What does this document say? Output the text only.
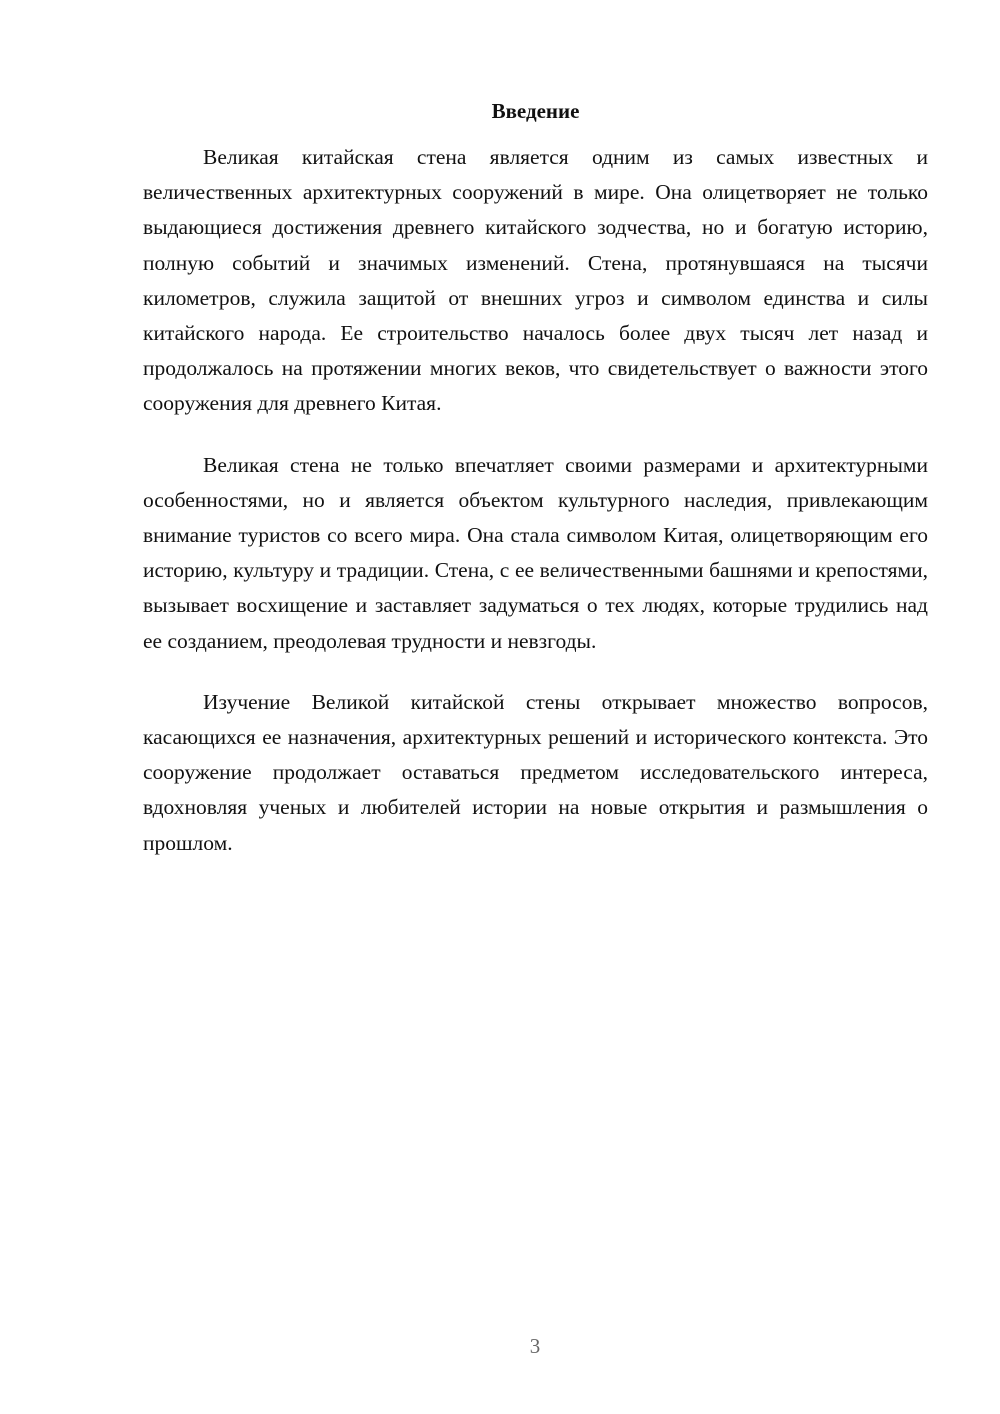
Введение

Великая китайская стена является одним из самых известных и величественных архитектурных сооружений в мире. Она олицетворяет не только выдающиеся достижения древнего китайского зодчества, но и богатую историю, полную событий и значимых изменений. Стена, протянувшаяся на тысячи километров, служила защитой от внешних угроз и символом единства и силы китайского народа. Ее строительство началось более двух тысяч лет назад и продолжалось на протяжении многих веков, что свидетельствует о важности этого сооружения для древнего Китая.

Великая стена не только впечатляет своими размерами и архитектурными особенностями, но и является объектом культурного наследия, привлекающим внимание туристов со всего мира. Она стала символом Китая, олицетворяющим его историю, культуру и традиции. Стена, с ее величественными башнями и крепостями, вызывает восхищение и заставляет задуматься о тех людях, которые трудились над ее созданием, преодолевая трудности и невзгоды.

Изучение Великой китайской стены открывает множество вопросов, касающихся ее назначения, архитектурных решений и исторического контекста. Это сооружение продолжает оставаться предметом исследовательского интереса, вдохновляя ученых и любителей истории на новые открытия и размышления о прошлом.

3
